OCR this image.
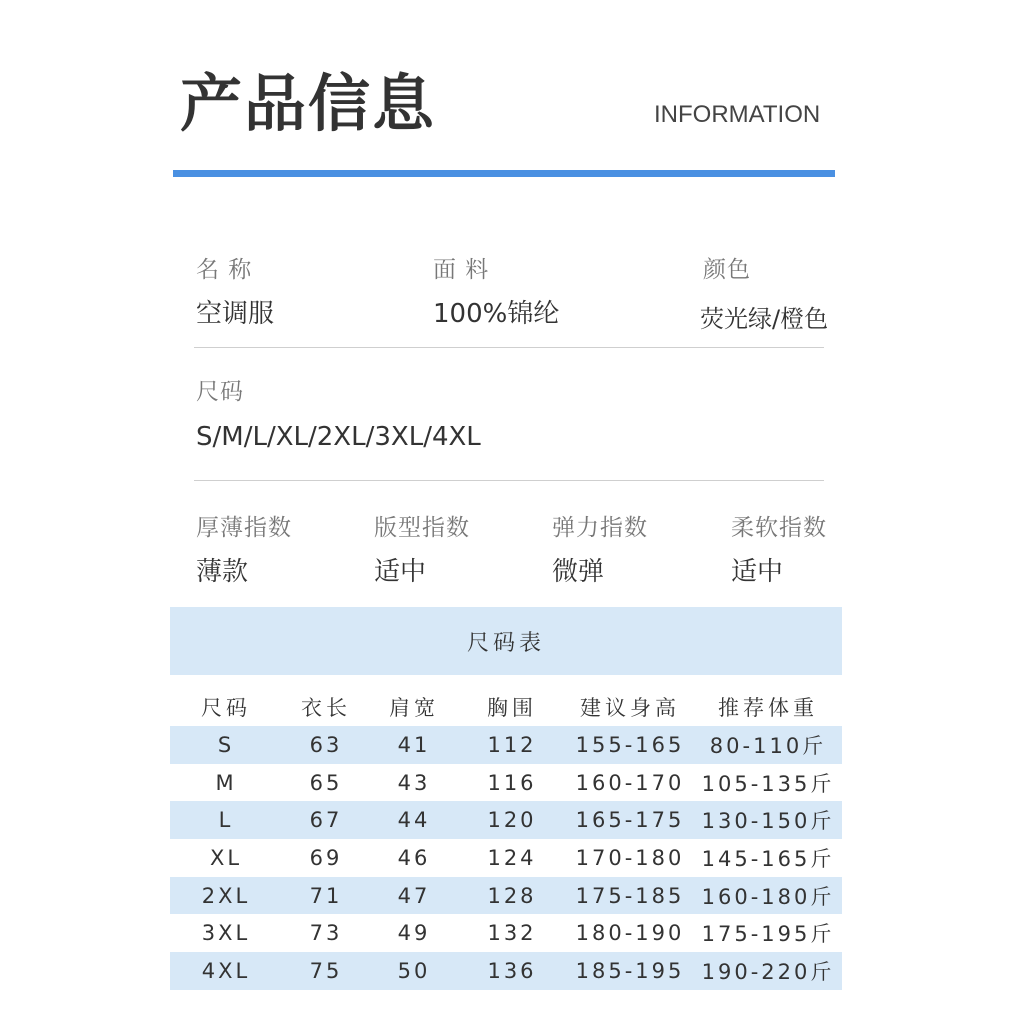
产品信息	INFORMATION
名 称
空调服
面 料
100%锦纶
颜色
荧光绿/橙色
尺码
S/M/L/XL/2XL/3XL/4XL
厚薄指数
薄款
版型指数
适中
弹力指数
微弹
柔软指数
适中
尺码表
尺码	衣长	肩宽	胸围	建议身高	推荐体重
S	63	41	112	155-165	80-110斤
M	65	43	116	160-170 105-135斤
L	67	44	120	165-175 130-150斤
XL	69	46	124	170-180 145-165斤
2XL	71	47	128	175-185 160-180斤
3XL	73	49	132	180-190 175-195斤
4XL	75	50	136	185-195 190-220斤
